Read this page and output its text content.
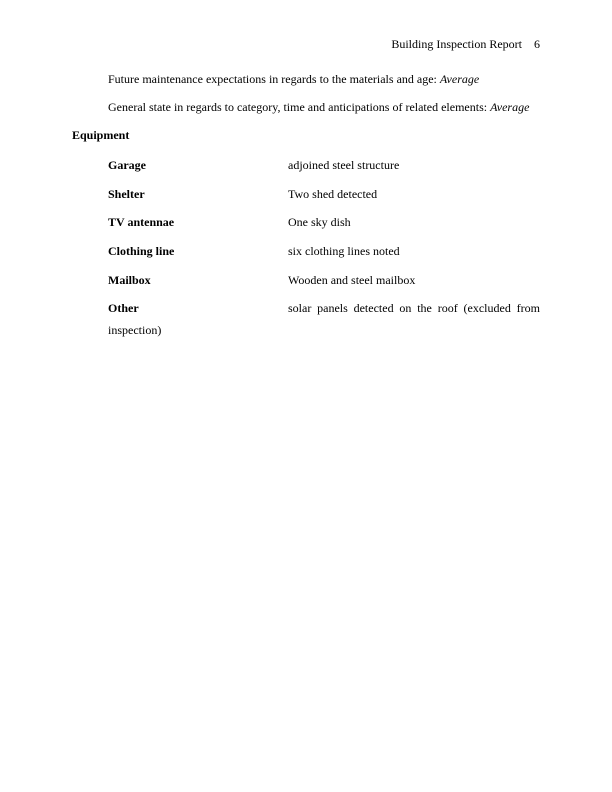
Building Inspection Report 6
Future maintenance expectations in regards to the materials and age: Average
General state in regards to category, time and anticipations of related elements: Average
Equipment
Garage	adjoined steel structure
Shelter	Two shed detected
TV antennae	One sky dish
Clothing line	six clothing lines noted
Mailbox	Wooden and steel mailbox
Other	solar panels detected on the roof (excluded from
inspection)
